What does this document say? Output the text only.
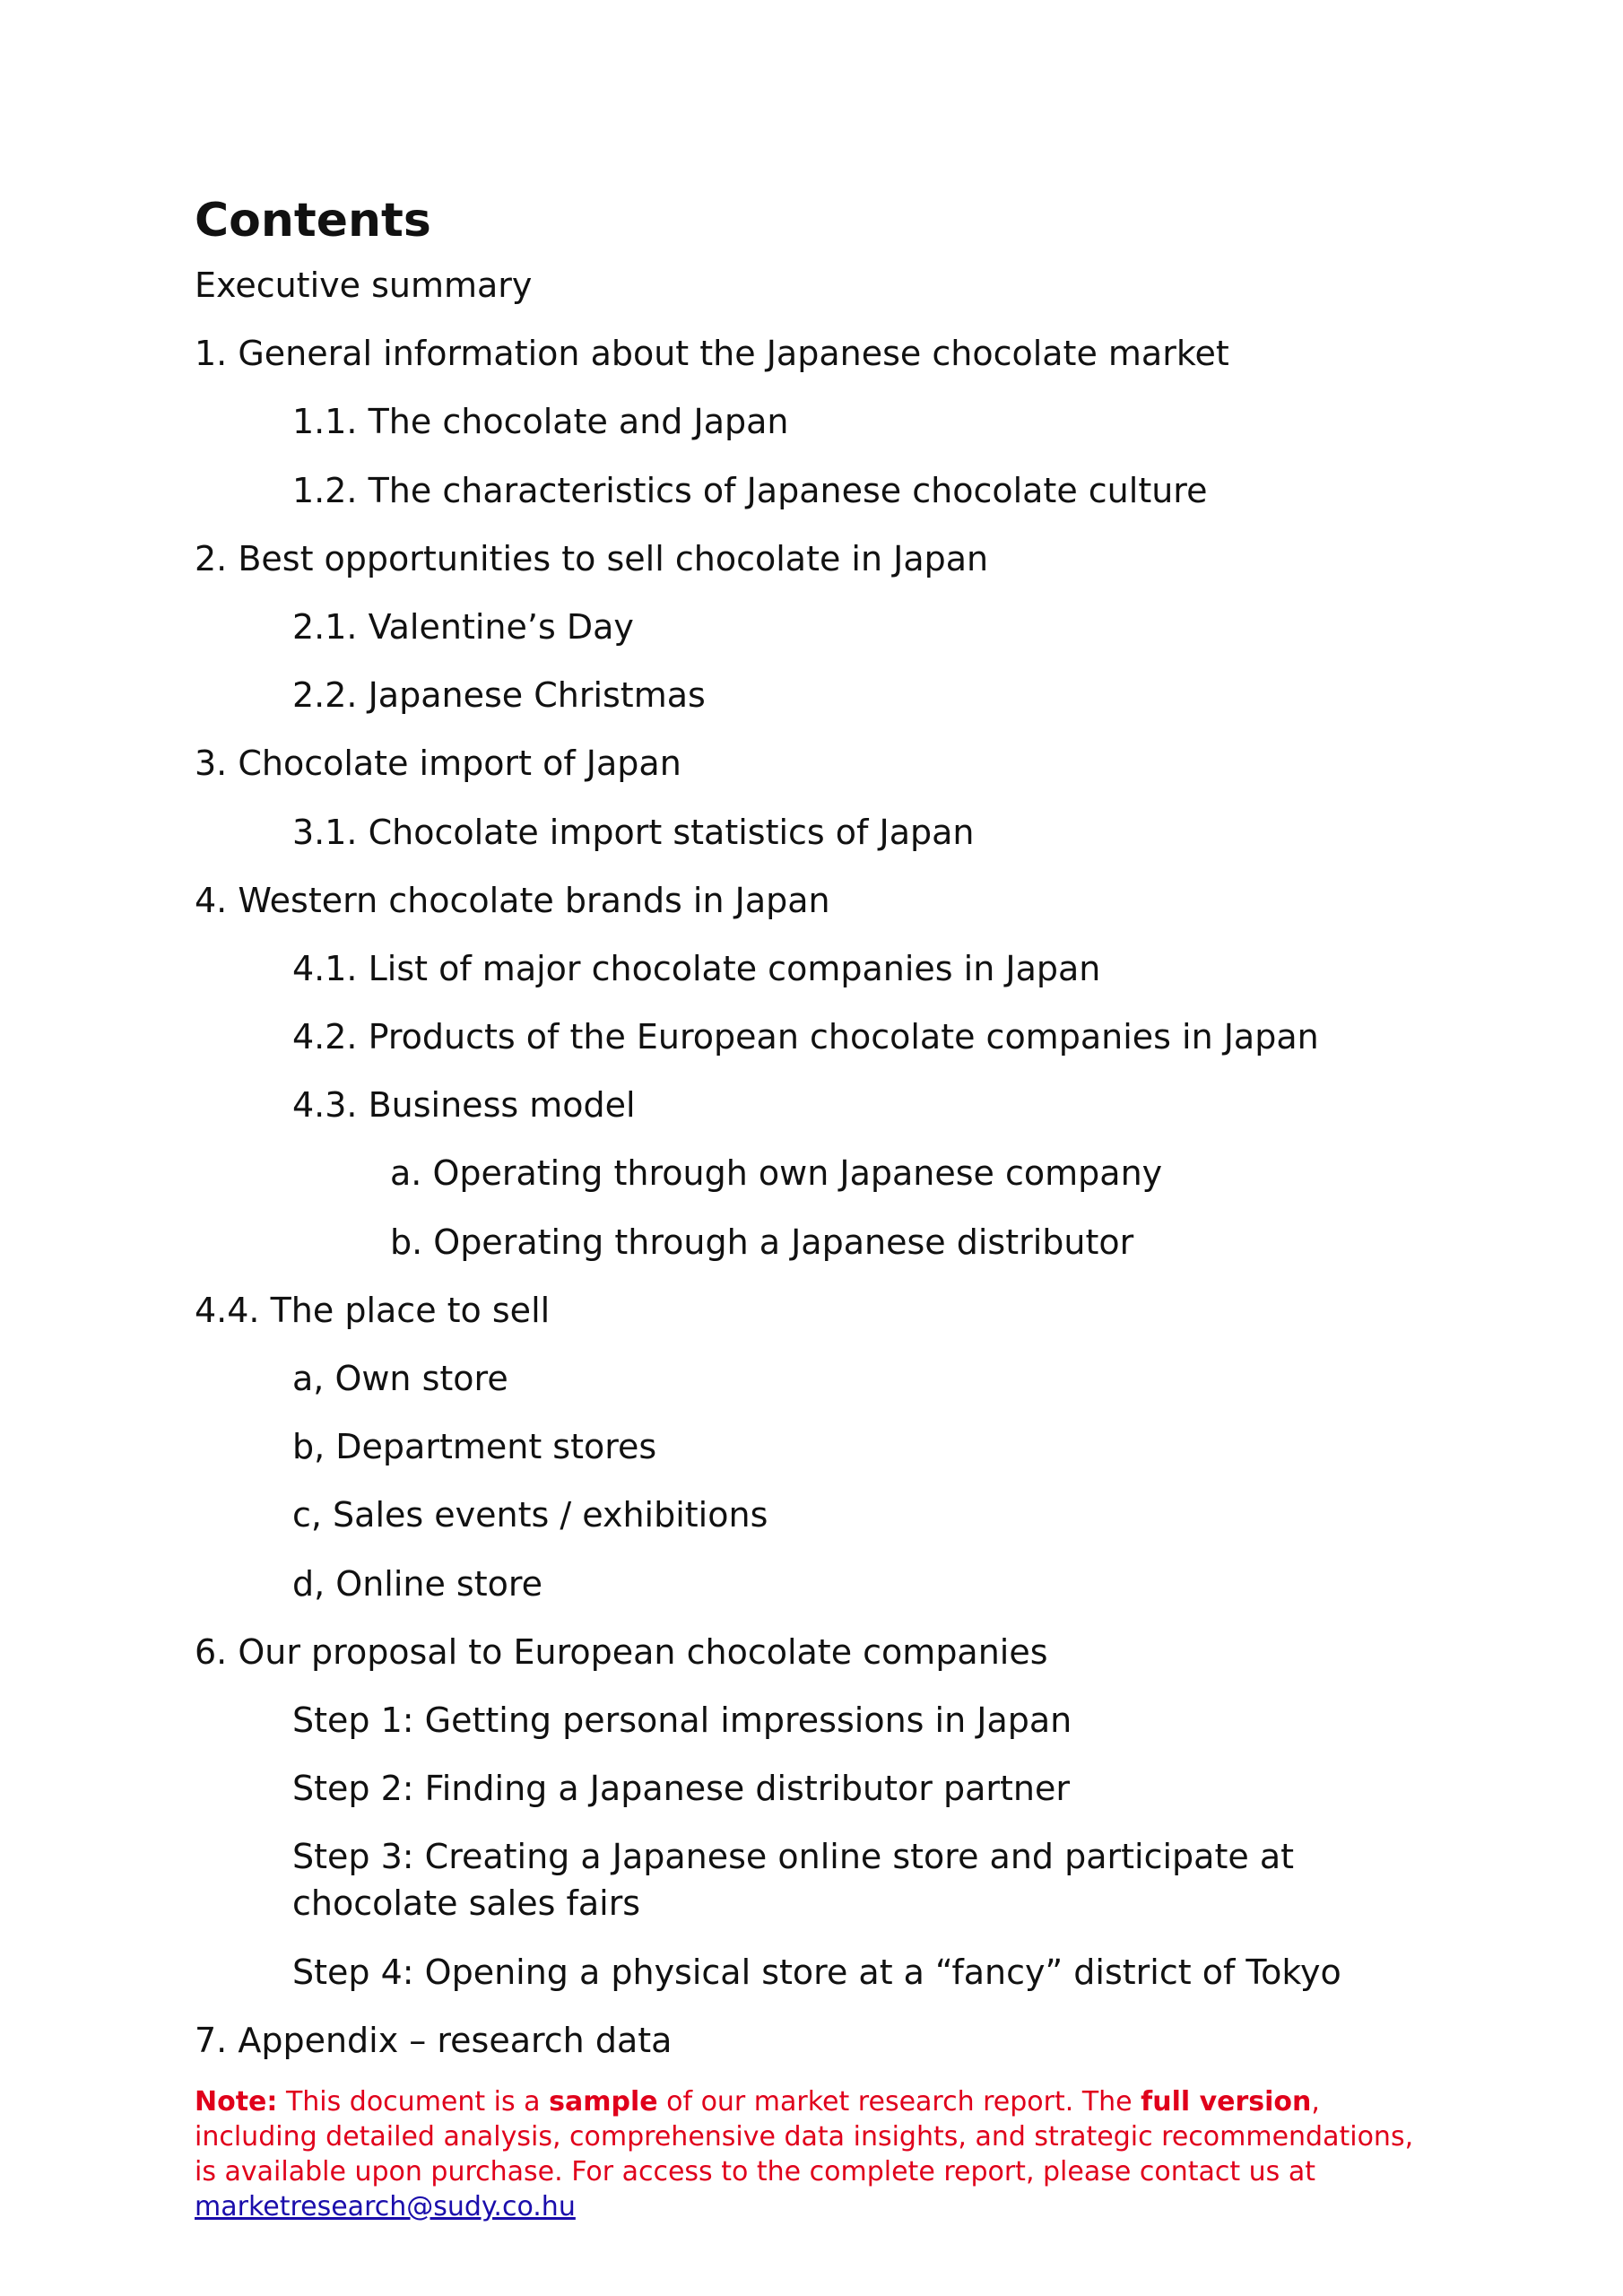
Contents
Executive summary
1. General information about the Japanese chocolate market
1.1. The chocolate and Japan
1.2. The characteristics of Japanese chocolate culture
2. Best opportunities to sell chocolate in Japan
2.1. Valentine’s Day
2.2. Japanese Christmas
3. Chocolate import of Japan
3.1. Chocolate import statistics of Japan
4. Western chocolate brands in Japan
4.1. List of major chocolate companies in Japan
4.2. Products of the European chocolate companies in Japan
4.3. Business model
a. Operating through own Japanese company
b. Operating through a Japanese distributor
4.4. The place to sell
a, Own store
b, Department stores
c, Sales events / exhibitions
d, Online store
6. Our proposal to European chocolate companies
Step 1: Getting personal impressions in Japan
Step 2: Finding a Japanese distributor partner
Step 3: Creating a Japanese online store and participate at chocolate sales fairs
Step 4: Opening a physical store at a “fancy” district of Tokyo
7. Appendix – research data
Note: This document is a sample of our market research report. The full version, including detailed analysis, comprehensive data insights, and strategic recommendations, is available upon purchase. For access to the complete report, please contact us at marketresearch@sudy.co.hu
